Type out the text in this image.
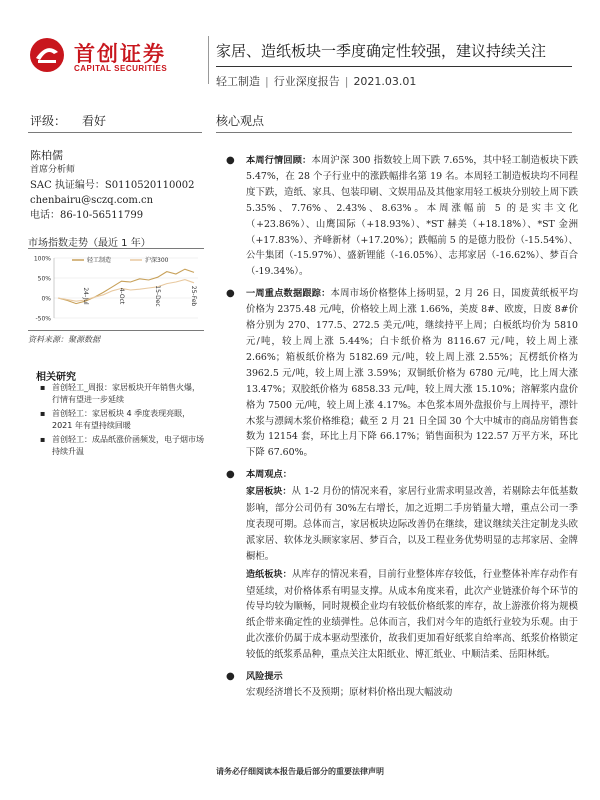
首创证券
CAPITAL SECURITIES
家居、造纸板块一季度确定性较强，建议持续关注
轻工制造 | 行业深度报告 | 2021.03.01
评级： 看好	核心观点
陈柏儒
首席分析师
SAC 执证编号：S0110520110002
chenbairu@sczq.com.cn
电话：86-10-56511799
市场指数走势（最近 1 年）
100%
50%
0%
-50%
24-Jul	4-Oct	15-Dec	25-Feb
轻工制造	沪深300
资料来源：聚源数据
相关研究
▪ 首创轻工_周报：家居板块开年销售火爆，行情有望进一步延续
▪ 首创轻工：家居板块 4 季度表现亮眼，2021 年有望持续回暖
▪ 首创轻工：成品纸涨价函频发，电子烟市场持续升温
● 本周行情回顾：本周沪深 300 指数较上周下跌 7.65%，其中轻工制造板块下跌 5.47%，在 28 个子行业中的涨跌幅排名第 19 名。本周轻工制造板块均不同程度下跌，造纸、家具、包装印刷、文娱用品及其他家用轻工板块分别较上周下跌 5.35%、7.76%、2.43%、8.63%。本周涨幅前 5 的是实丰文化（+23.86%）、山鹰国际（+18.93%）、*ST 赫美（+18.18%）、*ST 金洲（+17.83%）、齐峰新材（+17.20%）；跌幅前 5 的是德力股份（-15.54%）、公牛集团（-15.97%）、盛新锂能（-16.05%）、志邦家居（-16.62%）、梦百合（-19.34%）。
● 一周重点数据跟踪：本周市场价格整体上扬明显，2 月 26 日，国废黄纸板平均价格为 2375.48 元/吨，价格较上周上涨 1.66%，美废 8#、欧废，日废 8#价格分别为 270、177.5、272.5 美元/吨，继续持平上周；白板纸均价为 5810 元/吨，较上周上涨 5.44%；白卡纸价格为 8116.67 元/吨，较上周上涨 2.66%；箱板纸价格为 5182.69 元/吨，较上周上涨 2.55%；瓦楞纸价格为 3962.5 元/吨，较上周上涨 3.59%；双铜纸价格为 6780 元/吨，比上周大涨 13.47%；双胶纸价格为 6858.33 元/吨，较上周大涨 15.10%；溶解浆内盘价格为 7500 元/吨，较上周上涨 4.17%。本色浆本周外盘报价与上周持平，漂针木浆与漂阔木浆价格维稳；截至 2 月 21 日全国 30 个大中城市的商品房销售套数为 12154 套，环比上月下降 66.17%；销售面积为 122.57 万平方米，环比下降 67.60%。
● 本周观点：
家居板块：从 1-2 月份的情况来看，家居行业需求明显改善，若剔除去年低基数影响，部分公司仍有 30%左右增长，加之近期二手房销量大增，重点公司一季度表现可期。总体而言，家居板块边际改善仍在继续，建议继续关注定制龙头欧派家居、软体龙头顾家家居、梦百合，以及工程业务优势明显的志邦家居、金牌橱柜。
造纸板块：从库存的情况来看，目前行业整体库存较低，行业整体补库存动作有望延续，对价格体系有明显支撑。从成本角度来看，此次产业链涨价每个环节的传导均较为顺畅，同时规模企业均有较低价格纸浆的库存，故上游涨价将为规模纸企带来确定性的业绩弹性。总体而言，我们对今年的造纸行业较为乐观。由于此次涨价仍属于成本驱动型涨价，故我们更加看好纸浆自给率高、纸浆价格锁定较低的纸浆系品种，重点关注太阳纸业、博汇纸业、中顺洁柔、岳阳林纸。
● 风险提示
宏观经济增长不及预期；原材料价格出现大幅波动
请务必仔细阅读本报告最后部分的重要法律声明
